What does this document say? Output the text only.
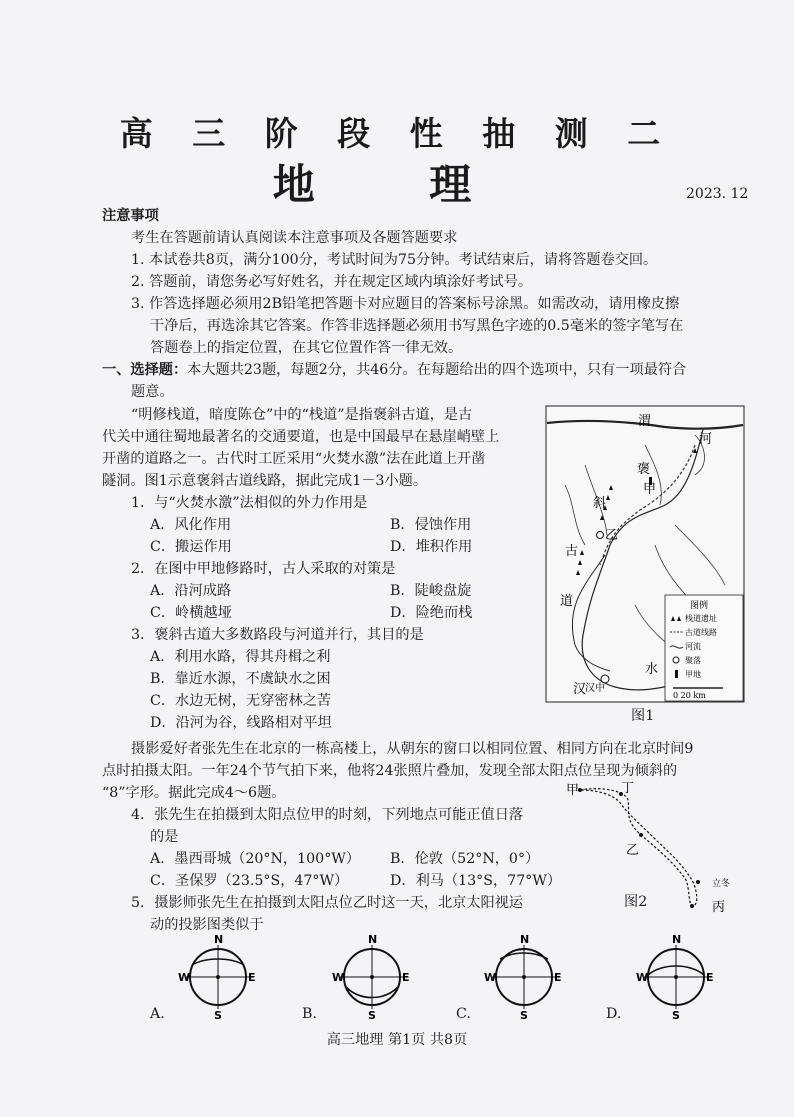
高 三 阶 段 性 抽 测 二
地 理	2023. 12
注意事项
考生在答题前请认真阅读本注意事项及各题答题要求
1. 本试卷共8页，满分100分，考试时间为75分钟。考试结束后，请将答题卷交回。
2. 答题前，请您务必写好姓名，并在规定区域内填涂好考试号。
3. 作答选择题必须用2B铅笔把答题卡对应题目的答案标号涂黑。如需改动，请用橡皮擦
干净后，再选涂其它答案。作答非选择题必须用书写黑色字迹的0.5毫米的签字笔写在
答题卷上的指定位置，在其它位置作答一律无效。
一、选择题：本大题共23题，每题2分，共46分。在每题给出的四个选项中，只有一项最符合
题意。
“明修栈道，暗度陈仓”中的“栈道”是指褒斜古道，是古
代关中通往蜀地最著名的交通要道，也是中国最早在悬崖峭壁上
开凿的道路之一。古代时工匠采用“火焚水激”法在此道上开凿
隧洞。图1示意褒斜古道线路，据此完成1－3小题。
1．与“火焚水激”法相似的外力作用是
A．风化作用	B．侵蚀作用
C．搬运作用	D．堆积作用
2．在图中甲地修路时，古人采取的对策是
A．沿河成路	B．陡峻盘旋
C．岭横越垭	D．险绝而栈
3．褒斜古道大多数路段与河道并行，其目的是
A．利用水路，得其舟楫之利
B．靠近水源，不虞缺水之困
C．水边无树，无穿密林之苦
D．沿河为谷，线路相对平坦
渭
河
褒
斜
古
道
甲
乙
汉中
汉
水
图例
栈道遗址
古道线路
河流
聚落
甲地
0 20 km
图1
摄影爱好者张先生在北京的一栋高楼上，从朝东的窗口以相同位置、相同方向在北京时间9
点时拍摄太阳。一年24个节气拍下来，他将24张照片叠加，发现全部太阳点位呈现为倾斜的
“8”字形。据此完成4～6题。
4．张先生在拍摄到太阳点位甲的时刻，下列地点可能正值日落
的是
A．墨西哥城（20°N，100°W） B．伦敦（52°N，0°）
C．圣保罗（23.5°S，47°W）	D．利马（13°S，77°W）
甲	丁
乙
立冬
丙
图2
5．摄影师张先生在拍摄到太阳点位乙时这一天，北京太阳视运
动的投影图类似于
N
S
W	E
N
S
W	E
N
S
W	E
N
S
W	E
A.	B.	C.	D.
高三地理 第1页 共8页
